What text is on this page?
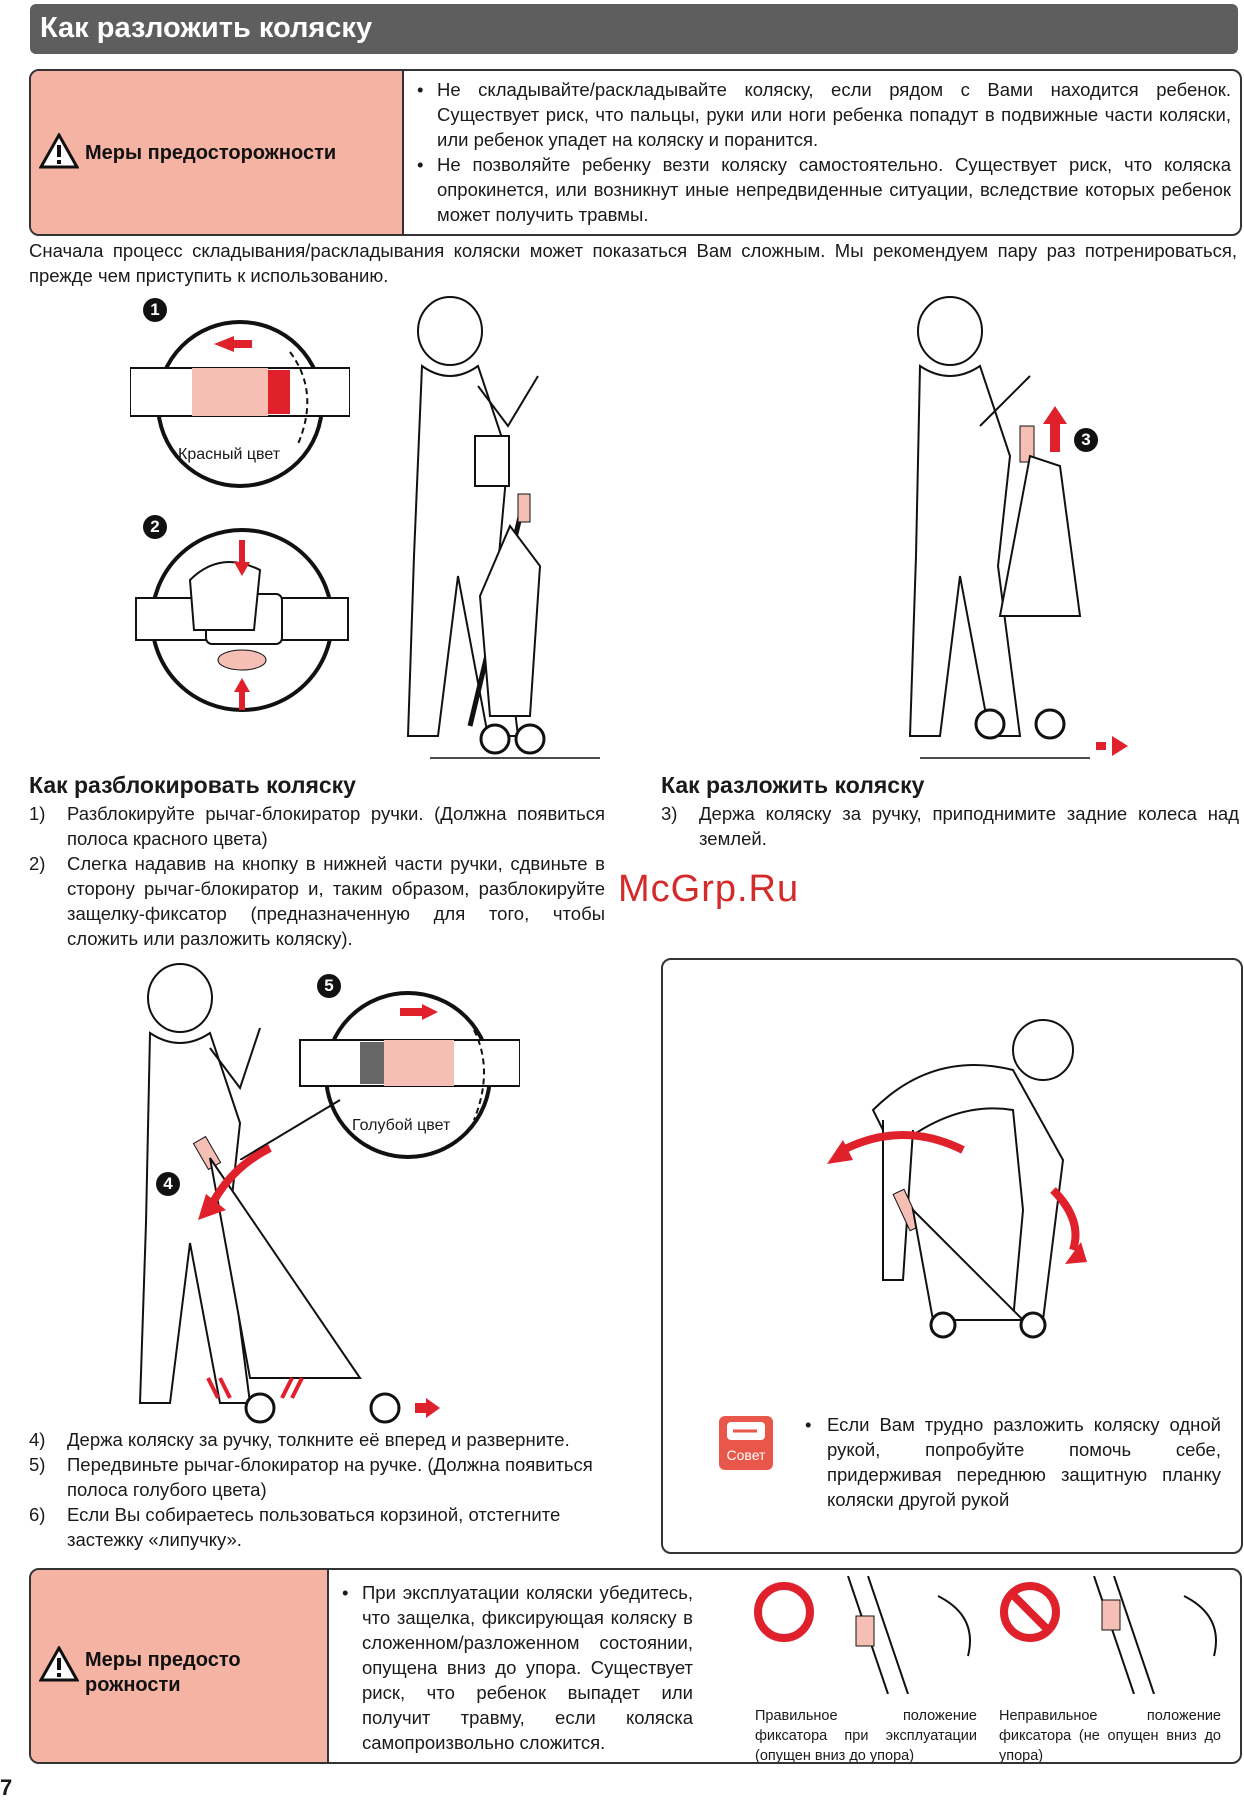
Как разложить коляску
Меры предосторожности
• Не складывайте/раскладывайте коляску, если рядом с Вами находится ребенок. Существует риск, что пальцы, руки или ноги ребенка попадут в подвижные части коляски, или ребенок упадет на коляску и поранится.
• Не позволяйте ребенку везти коляску самостоятельно. Существует риск, что коляска опрокинется, или возникнут иные непредвиденные ситуации, вследствие которых ребенок может получить травмы.
Сначала процесс складывания/раскладывания коляски может показаться Вам сложным. Мы рекомендуем пару раз потренироваться, прежде чем приступить к использованию.
1
Красный цвет
2
3
Как разблокировать коляску
1) Разблокируйте рычаг-блокиратор ручки. (Должна появиться полоса красного цвета)
2) Слегка надавив на кнопку в нижней части ручки, сдвиньте в сторону рычаг-блокиратор и, таким образом, разблокируйте защелку-фиксатор (предназначенную для того, чтобы сложить или разложить коляску).
Как разложить коляску
3) Держа коляску за ручку, приподнимите задние колеса над землей.
McGrp.Ru
4
5
Голубой цвет
4) Держа коляску за ручку, толкните её вперед и разверните.
5) Передвиньте рычаг-блокиратор на ручке. (Должна появиться полоса голубого цвета)
6) Если Вы собираетесь пользоваться корзиной, отстегните застежку «липучку».
Совет
• Если Вам трудно разложить коляску одной рукой, попробуйте помочь себе, придерживая переднюю защитную планку коляски другой рукой
Меры предосто
рожности
• При эксплуатации коляски убедитесь, что защелка, фиксирующая коляску в сложенном/разложенном состоянии, опущена вниз до упора. Существует риск, что ребенок выпадет или получит травму, если коляска самопроизвольно сложится.
Правильное положение фиксатора при эксплуатации (опущен вниз до упора)
Неправильное положение фиксатора (не опущен вниз до упора)
7
